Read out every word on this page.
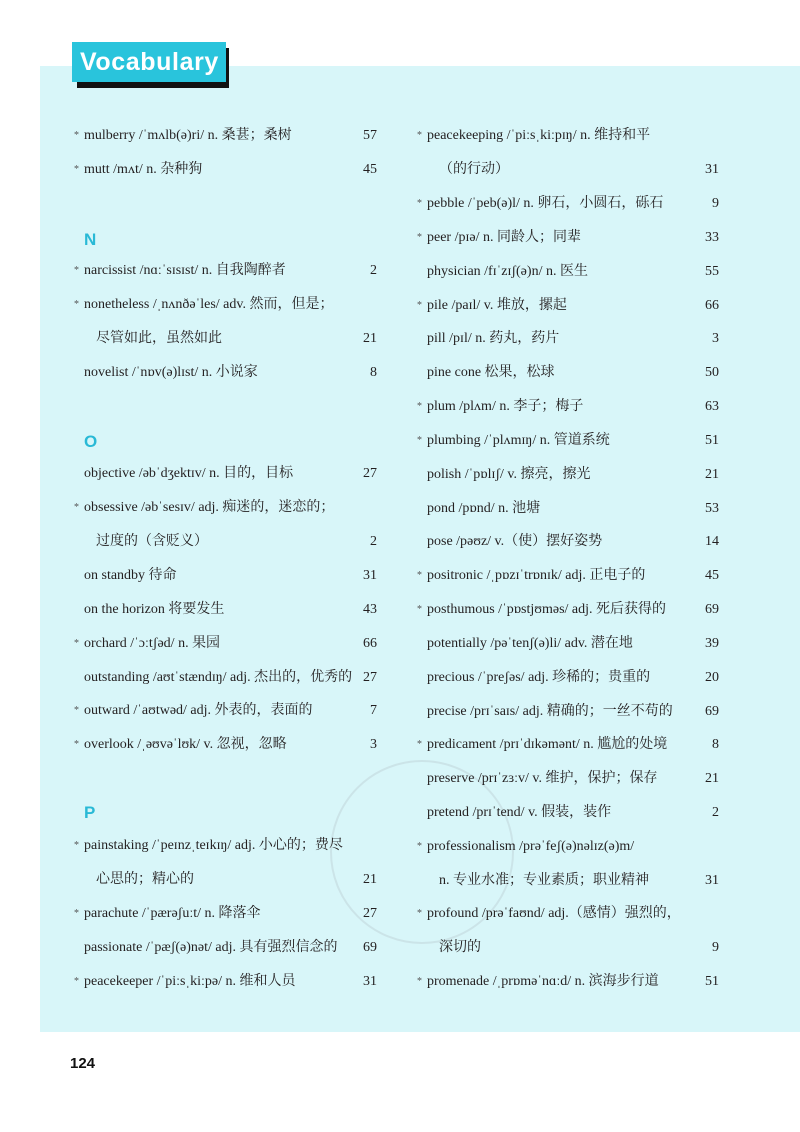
Vocabulary
N
O
P
* mulberry /ˈmʌlb(ə)ri/ n. 桑葚；桑树	57
* mutt /mʌt/ n. 杂种狗	45
* narcissist /nɑːˈsɪsɪst/ n. 自我陶醉者	2
* nonetheless /ˌnʌnðəˈles/ adv. 然而，但是；
尽管如此，虽然如此	21
novelist /ˈnɒv(ə)lɪst/ n. 小说家	8
objective /əbˈdʒektɪv/ n. 目的，目标	27
* obsessive /əbˈsesɪv/ adj. 痴迷的，迷恋的；
过度的（含贬义）	2
on standby 待命	31
on the horizon 将要发生	43
* orchard /ˈɔːtʃəd/ n. 果园	66
outstanding /aʊtˈstændɪŋ/ adj. 杰出的，优秀的 27
* outward /ˈaʊtwəd/ adj. 外表的，表面的	7
* overlook /ˌəʊvəˈlʊk/ v. 忽视，忽略	3
* painstaking /ˈpeɪnzˌteɪkɪŋ/ adj. 小心的；费尽
心思的；精心的	21
* parachute /ˈpærəʃuːt/ n. 降落伞	27
passionate /ˈpæʃ(ə)nət/ adj. 具有强烈信念的 69
* peacekeeper /ˈpiːsˌkiːpə/ n. 维和人员	31
* peacekeeping /ˈpiːsˌkiːpɪŋ/ n. 维持和平
（的行动）	31
* pebble /ˈpeb(ə)l/ n. 卵石，小圆石，砾石	9
* peer /pɪə/ n. 同龄人；同辈	33
physician /fɪˈzɪʃ(ə)n/ n. 医生	55
* pile /paɪl/ v. 堆放，摞起	66
pill /pɪl/ n. 药丸，药片	3
pine cone 松果，松球	50
* plum /plʌm/ n. 李子；梅子	63
* plumbing /ˈplʌmɪŋ/ n. 管道系统	51
polish /ˈpɒlɪʃ/ v. 擦亮，擦光	21
pond /pɒnd/ n. 池塘	53
pose /pəʊz/ v.（使）摆好姿势	14
* positronic /ˌpɒzɪˈtrɒnɪk/ adj. 正电子的	45
* posthumous /ˈpɒstjʊməs/ adj. 死后获得的	69
potentially /pəˈtenʃ(ə)li/ adv. 潜在地	39
precious /ˈpreʃəs/ adj. 珍稀的；贵重的	20
precise /prɪˈsaɪs/ adj. 精确的；一丝不苟的 69
* predicament /prɪˈdɪkəmənt/ n. 尴尬的处境	8
preserve /prɪˈzɜːv/ v. 维护，保护；保存	21
pretend /prɪˈtend/ v. 假装，装作	2
* professionalism /prəˈfeʃ(ə)nəlɪz(ə)m/
n. 专业水准；专业素质；职业精神	31
* profound /prəˈfaʊnd/ adj.（感情）强烈的，
深切的	9
* promenade /ˌprɒməˈnɑːd/ n. 滨海步行道	51
124
